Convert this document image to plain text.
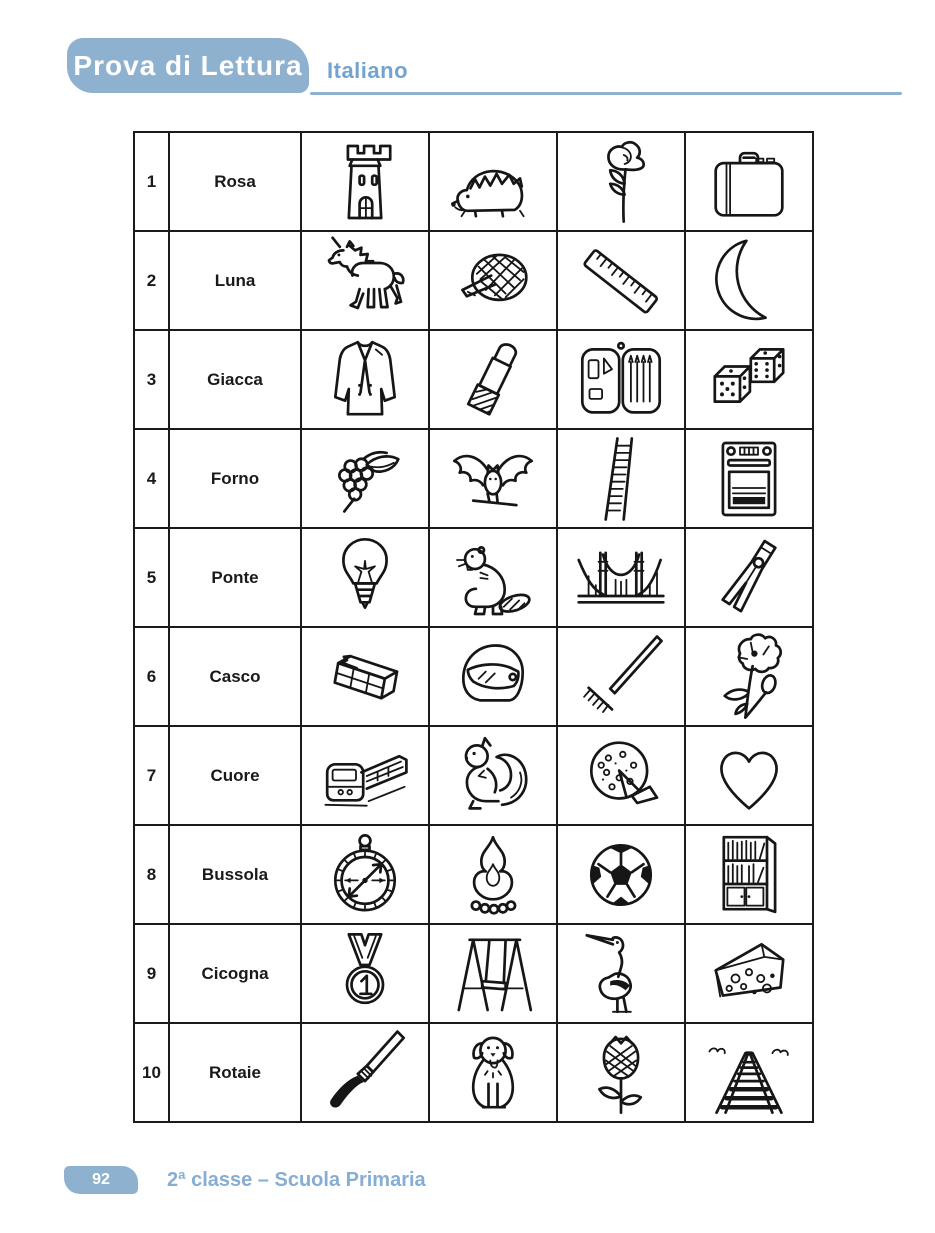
Prova di Lettura Italiano
1	Rosa	

2	Luna	

3	Giacca	

4	Forno	

5	Ponte	

6	Casco	

7	Cuore	

8	Bussola	

9	Cicogna	

10	Rotaie	

92	2ª classe – Scuola Primaria
